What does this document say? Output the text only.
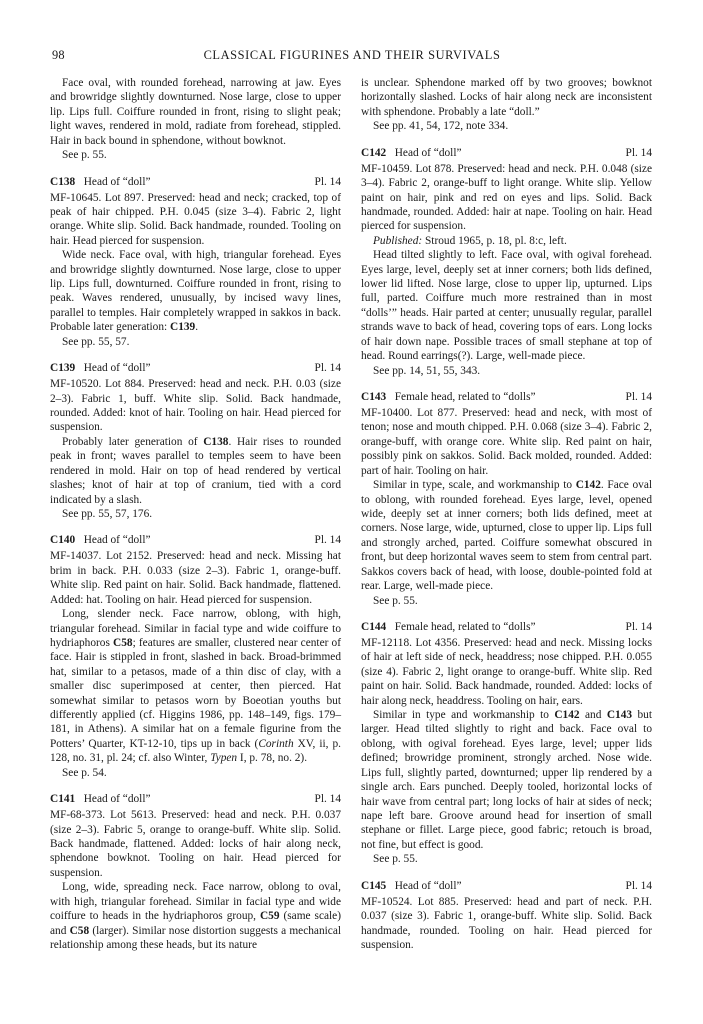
98	CLASSICAL FIGURINES AND THEIR SURVIVALS

Face oval, with rounded forehead, narrowing at jaw. Eyes and browridge slightly downturned. Nose large, close to upper lip. Lips full. Coiffure rounded in front, rising to slight peak; light waves, rendered in mold, radiate from forehead, stippled. Hair in back bound in sphendone, without bowknot.

See p. 55.

C138 Head of “doll”	Pl. 14

MF-10645. Lot 897. Preserved: head and neck; cracked, top of peak of hair chipped. P.H. 0.045 (size 3–4). Fabric 2, light orange. White slip. Solid. Back handmade, rounded. Tooling on hair. Head pierced for suspension.

Wide neck. Face oval, with high, triangular forehead. Eyes and browridge slightly downturned. Nose large, close to upper lip. Lips full, downturned. Coiffure rounded in front, rising to peak. Waves rendered, unusually, by incised wavy lines, parallel to temples. Hair completely wrapped in sakkos in back. Probable later generation: C139.

See pp. 55, 57.

C139 Head of “doll”	Pl. 14

MF-10520. Lot 884. Preserved: head and neck. P.H. 0.03 (size 2–3). Fabric 1, buff. White slip. Solid. Back handmade, rounded. Added: knot of hair. Tooling on hair. Head pierced for suspension.

Probably later generation of C138. Hair rises to rounded peak in front; waves parallel to temples seem to have been rendered in mold. Hair on top of head rendered by vertical slashes; knot of hair at top of cranium, tied with a cord indicated by a slash.

See pp. 55, 57, 176.

C140 Head of “doll”	Pl. 14

MF-14037. Lot 2152. Preserved: head and neck. Missing hat brim in back. P.H. 0.033 (size 2–3). Fabric 1, orange-buff. White slip. Red paint on hair. Solid. Back handmade, flattened. Added: hat. Tooling on hair. Head pierced for suspension.

Long, slender neck. Face narrow, oblong, with high, triangular forehead. Similar in facial type and wide coiffure to hydriaphoros C58; features are smaller, clustered near center of face. Hair is stippled in front, slashed in back. Broad-brimmed hat, similar to a petasos, made of a thin disc of clay, with a smaller disc superimposed at center, then pierced. Hat somewhat similar to petasos worn by Boeotian youths but differently applied (cf. Higgins 1986, pp. 148–149, figs. 179–181, in Athens). A similar hat on a female figurine from the Potters’ Quarter, KT-12-10, tips up in back (Corinth XV, ii, p. 128, no. 31, pl. 24; cf. also Winter, Typen I, p. 78, no. 2).

See p. 54.

C141 Head of “doll”	Pl. 14

MF-68-373. Lot 5613. Preserved: head and neck. P.H. 0.037 (size 2–3). Fabric 5, orange to orange-buff. White slip. Solid. Back handmade, flattened. Added: locks of hair along neck, sphendone bowknot. Tooling on hair. Head pierced for suspension.

Long, wide, spreading neck. Face narrow, oblong to oval, with high, triangular forehead. Similar in facial type and wide coiffure to heads in the hydriaphoros group, C59 (same scale) and C58 (larger). Similar nose distortion suggests a mechanical relationship among these heads, but its nature

is unclear. Sphendone marked off by two grooves; bowknot horizontally slashed. Locks of hair along neck are inconsistent with sphendone. Probably a late “doll.”

See pp. 41, 54, 172, note 334.

C142 Head of “doll”	Pl. 14

MF-10459. Lot 878. Preserved: head and neck. P.H. 0.048 (size 3–4). Fabric 2, orange-buff to light orange. White slip. Yellow paint on hair, pink and red on eyes and lips. Solid. Back handmade, rounded. Added: hair at nape. Tooling on hair. Head pierced for suspension.

Published: Stroud 1965, p. 18, pl. 8:c, left.

Head tilted slightly to left. Face oval, with ogival forehead. Eyes large, level, deeply set at inner corners; both lids defined, lower lid lifted. Nose large, close to upper lip, upturned. Lips full, parted. Coiffure much more restrained than in most “dolls’” heads. Hair parted at center; unusually regular, parallel strands wave to back of head, covering tops of ears. Long locks of hair down nape. Possible traces of small stephane at top of head. Round earrings(?). Large, well-made piece.

See pp. 14, 51, 55, 343.

C143 Female head, related to “dolls”	Pl. 14

MF-10400. Lot 877. Preserved: head and neck, with most of tenon; nose and mouth chipped. P.H. 0.068 (size 3–4). Fabric 2, orange-buff, with orange core. White slip. Red paint on hair, possibly pink on sakkos. Solid. Back molded, rounded. Added: part of hair. Tooling on hair.

Similar in type, scale, and workmanship to C142. Face oval to oblong, with rounded forehead. Eyes large, level, opened wide, deeply set at inner corners; both lids defined, meet at corners. Nose large, wide, upturned, close to upper lip. Lips full and strongly arched, parted. Coiffure somewhat obscured in front, but deep horizontal waves seem to stem from central part. Sakkos covers back of head, with loose, double-pointed fold at rear. Large, well-made piece.

See p. 55.

C144 Female head, related to “dolls”	Pl. 14

MF-12118. Lot 4356. Preserved: head and neck. Missing locks of hair at left side of neck, headdress; nose chipped. P.H. 0.055 (size 4). Fabric 2, light orange to orange-buff. White slip. Red paint on hair. Solid. Back handmade, rounded. Added: locks of hair along neck, headdress. Tooling on hair, ears.

Similar in type and workmanship to C142 and C143 but larger. Head tilted slightly to right and back. Face oval to oblong, with ogival forehead. Eyes large, level; upper lids defined; browridge prominent, strongly arched. Nose wide. Lips full, slightly parted, downturned; upper lip rendered by a single arch. Ears punched. Deeply tooled, horizontal locks of hair wave from central part; long locks of hair at sides of neck; nape left bare. Groove around head for insertion of small stephane or fillet. Large piece, good fabric; retouch is broad, not fine, but effect is good.

See p. 55.

C145 Head of “doll”	Pl. 14

MF-10524. Lot 885. Preserved: head and part of neck. P.H. 0.037 (size 3). Fabric 1, orange-buff. White slip. Solid. Back handmade, rounded. Tooling on hair. Head pierced for suspension.
